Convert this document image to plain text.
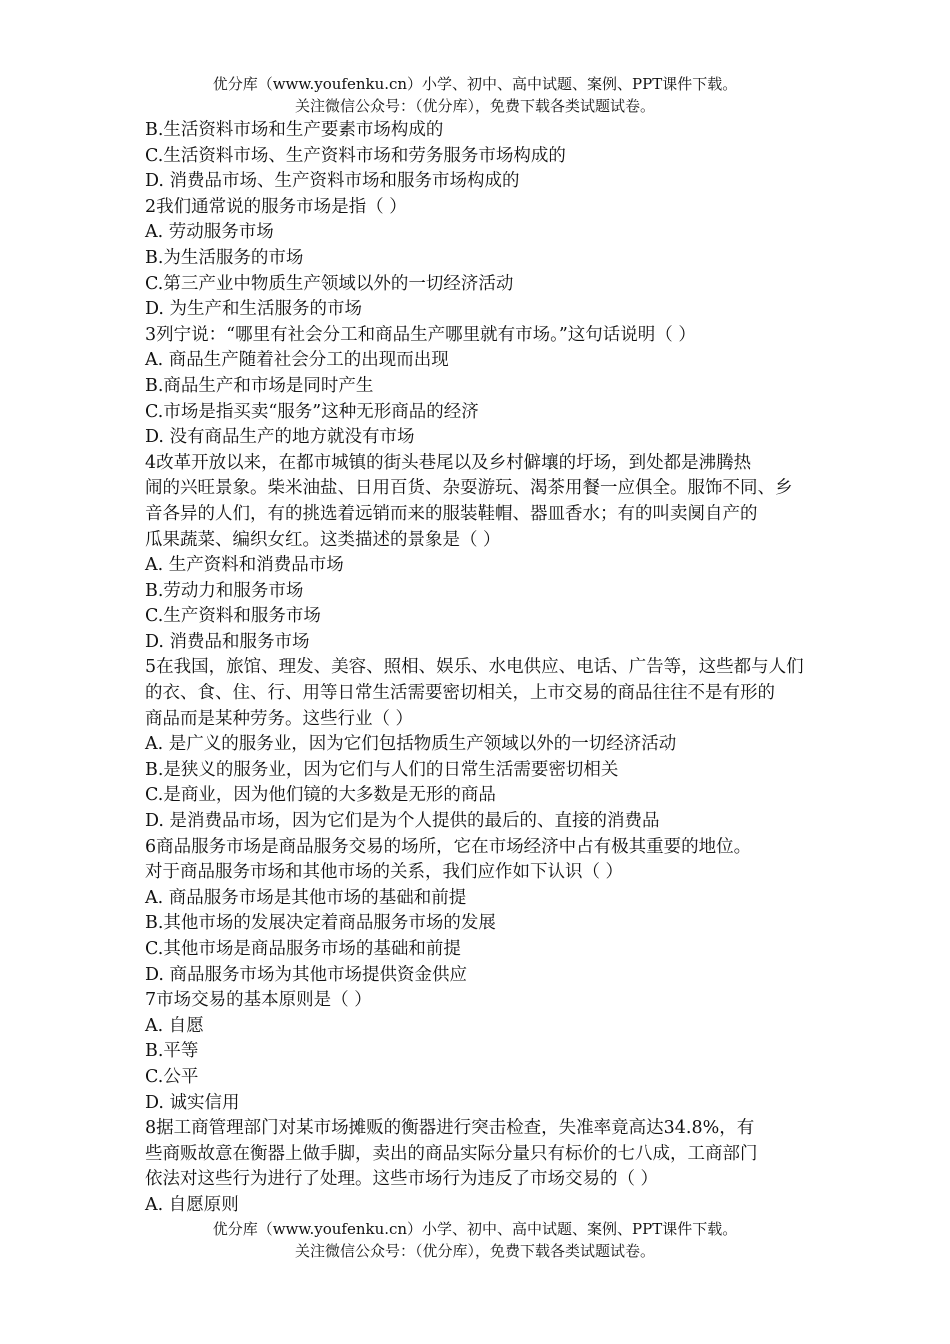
优分库（www.youfenku.cn）小学、初中、高中试题、案例、PPT课件下载。
关注微信公众号：（优分库），免费下载各类试题试卷。
B.生活资料市场和生产要素市场构成的
C.生活资料市场、生产资料市场和劳务服务市场构成的
D. 消费品市场、生产资料市场和服务市场构成的
2我们通常说的服务市场是指（ ）
A. 劳动服务市场
B.为生活服务的市场
C.第三产业中物质生产领域以外的一切经济活动
D. 为生产和生活服务的市场
3列宁说：“哪里有社会分工和商品生产哪里就有市场。”这句话说明（ ）
A. 商品生产随着社会分工的出现而出现
B.商品生产和市场是同时产生
C.市场是指买卖“服务”这种无形商品的经济
D. 没有商品生产的地方就没有市场
4改革开放以来，在都市城镇的街头巷尾以及乡村僻壤的圩场，到处都是沸腾热
闹的兴旺景象。柴米油盐、日用百货、杂耍游玩、渴茶用餐一应俱全。服饰不同、乡
音各异的人们，有的挑选着远销而来的服装鞋帽、器皿香水；有的叫卖阒自产的
瓜果蔬菜、编织女红。这类描述的景象是（ ）
A. 生产资料和消费品市场
B.劳动力和服务市场
C.生产资料和服务市场
D. 消费品和服务市场
5在我国，旅馆、理发、美容、照相、娱乐、水电供应、电话、广告等，这些都与人们
的衣、食、住、行、用等日常生活需要密切相关，上市交易的商品往往不是有形的
商品而是某种劳务。这些行业（ ）
A. 是广义的服务业，因为它们包括物质生产领域以外的一切经济活动
B.是狭义的服务业，因为它们与人们的日常生活需要密切相关
C.是商业，因为他们镜的大多数是无形的商品
D. 是消费品市场，因为它们是为个人提供的最后的、直接的消费品
6商品服务市场是商品服务交易的场所，它在市场经济中占有极其重要的地位。
对于商品服务市场和其他市场的关系，我们应作如下认识（ ）
A. 商品服务市场是其他市场的基础和前提
B.其他市场的发展决定着商品服务市场的发展
C.其他市场是商品服务市场的基础和前提
D. 商品服务市场为其他市场提供资金供应
7市场交易的基本原则是（ ）
A. 自愿
B.平等
C.公平
D. 诚实信用
8据工商管理部门对某市场摊贩的衡器进行突击检查，失准率竟高达34.8%，有
些商贩故意在衡器上做手脚，卖出的商品实际分量只有标价的七八成，工商部门
依法对这些行为进行了处理。这些市场行为违反了市场交易的（ ）
A. 自愿原则
优分库（www.youfenku.cn）小学、初中、高中试题、案例、PPT课件下载。
关注微信公众号：（优分库），免费下载各类试题试卷。
